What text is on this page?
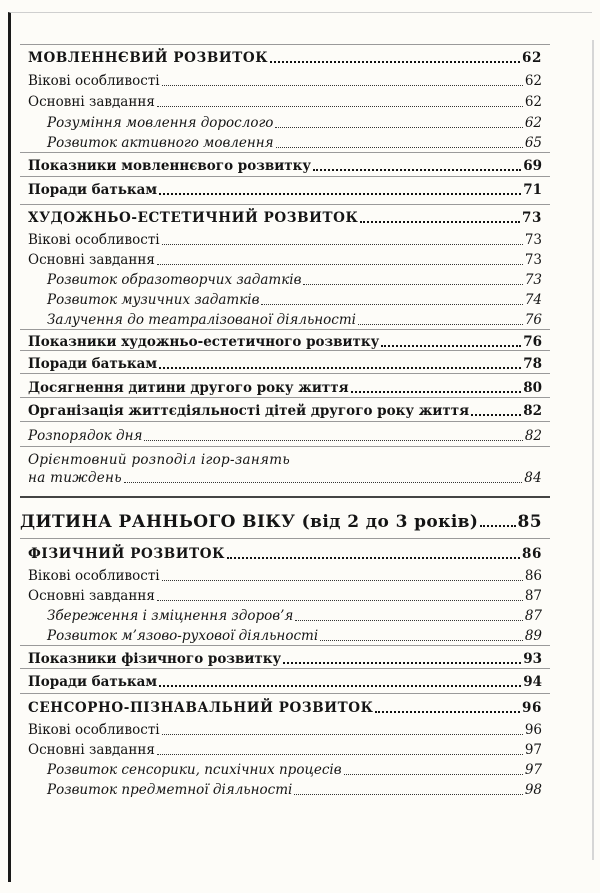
МОВЛЕННЄВИЙ РОЗВИТОК	62
Вікові особливості	62
Основні завдання	62
Розуміння мовлення дорослого	62
Розвиток активного мовлення	65
Показники мовленнєвого розвитку	69
Поради батькам	71
ХУДОЖНЬО-ЕСТЕТИЧНИЙ РОЗВИТОК	73
Вікові особливості	73
Основні завдання	73
Розвиток образотворчих задатків	73
Розвиток музичних задатків	74
Залучення до театралізованої діяльності	76
Показники художньо-естетичного розвитку	76
Поради батькам	78
Досягнення дитини другого року життя	80
Організація життєдіяльності дітей другого року життя	82
Розпорядок дня	82
Орієнтовний розподіл ігор-занять
на тиждень	84
ДИТИНА РАННЬОГО ВІКУ (від 2 до 3 років) 85
ФІЗИЧНИЙ РОЗВИТОК	86
Вікові особливості	86
Основні завдання	87
Збереження і зміцнення здоров’я	87
Розвиток м’язово-рухової діяльності	89
Показники фізичного розвитку	93
Поради батькам	94
СЕНСОРНО-ПІЗНАВАЛЬНИЙ РОЗВИТОК	96
Вікові особливості	96
Основні завдання	97
Розвиток сенсорики, психічних процесів	97
Розвиток предметної діяльності	98
